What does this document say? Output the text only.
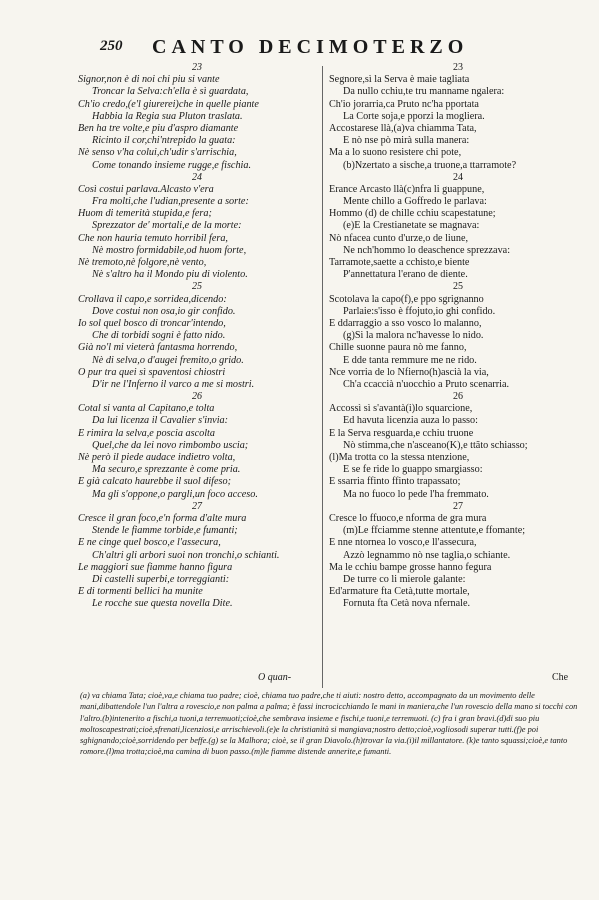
250 CANTO DECIMOTERZO
23
Signor,non è di noi chi piu si vante
Troncar la Selva:ch'ella è sì guardata,
Ch'io credo,(e'l giurerei)che in quelle piante
Habbia la Regia sua Pluton traslata.
Ben ha tre volte,e piu d'aspro diamante
Ricinto il cor,chi'ntrepido la guata:
Nè senso v'ha colui,ch'udir s'arrischia,
Come tonando insieme rugge,e fischia.
24
Così costui parlava.Alcasto v'era
Fra molti,che l'udian,presente a sorte:
Huom di temerità stupida,e fera;
Sprezzator de' mortali,e de la morte:
Che non hauria temuto horribil fera,
Nè mostro formidabile,od huom forte,
Nè tremoto,nè folgore,nè vento,
Nè s'altro ha il Mondo piu di violento.
25
Crollava il capo,e sorridea,dicendo:
Dove costui non osa,io gir confido.
Io sol quel bosco di troncar'intendo,
Che di torbidi sogni è fatto nido.
Già no'l mi vieterà fantasma horrendo,
Nè di selva,o d'augei fremito,o grido.
O pur tra quei sì spaventosi chiostri
D'ir ne l'Inferno il varco a me si mostri.
26
Cotal si vanta al Capitano,e tolta
Da lui licenza il Cavalier s'invia:
E rimira la selva,e poscia ascolta
Quel,che da lei novo rimbombo uscia;
Nè però il piede audace indietro volta,
Ma securo,e sprezzante è come pria.
E già calcato haurebbe il suol difeso;
Ma gli s'oppone,o pargli,un foco acceso.
27
Cresce il gran foco,e'n forma d'alte mura
Stende le fiamme torbide,e fumanti;
E ne cinge quel bosco,e l'assecura,
Ch'altri gli arbori suoi non tronchi,o schianti.
Le maggiori sue fiamme hanno figura
Di castelli superbi,e torreggianti:
E di tormenti bellici ha munite
Le rocche sue questa novella Dite.
23
Segnore,sì la Serva è maie tagliata
Da nullo cchiu,te tru manname ngalera:
Ch'io jorarria,ca Pruto nc'ha pportata
La Corte soja,e pporzi la mogliera.
Accostarese llà,(a)va chiamma Tata,
E nò nse pò mirà sulla manera:
Ma a lo suono resistere chi pote,
(b)Nzertato a sische,a truone,a ttarramote?
24
Erance Arcasto llà(c)nfra li guappune,
Mente chillo a Goffredo le parlava:
Hommo (d) de chille cchiu scapestatune;
(e)E la Crestianetate se magnava:
Nò nfacea cunto d'urze,o de liune,
Ne nch'hommo lo deaschence sprezzava:
Tarramote,saette a cchisto,e biente
P'annettatura l'erano de diente.
25
Scotolava la capo(f),e ppo sgrignanno
Parlaie:s'isso è ffojuto,io ghi confido.
E ddarraggio a sso vosco lo malanno,
(g)Si la malora nc'havesse lo nido.
Chille suonne paura nò me fanno,
E dde tanta remmure me ne rido.
Nce vorria de lo Nfierno(h)ascià la via,
Ch'a ccaccià n'uocchio a Pruto scenarria.
26
Accossì sì s'avantà(i)lo squarcione,
Ed havuta licenzia auza lo passo:
E la Serva resguarda,e cchiu truone
Nò stimma,che n'asceano(K),e ttãto schiasso;
(l)Ma trotta co la stessa ntenzione,
E se fe ride lo guappo smargiasso:
E ssarria ffinto ffinto trapassato;
Ma no fuoco lo pede l'ha fremmato.
27
Cresce lo ffuoco,e nforma de gra mura
(m)Le ffciamme stenne attentute,e ffomante;
E nne ntornea lo vosco,e ll'assecura,
Azzò legnammo nò nse taglia,o schiante.
Ma le cchiu bampe grosse hanno fegura
De turre co li mierole galante:
Ed'armature fta Cetà,tutte mortale,
Fornuta fta Cetà nova nfernale.
O quan-	Che

(a) va chiama Tata; cioè,va,e chiama tuo padre; cioè, chiama tuo padre,che ti aiuti: nostro detto, accompagnato da un movimento delle mani,dibattendole l'un l'altra a rovescio,e non palma a palma; è fassi incrocicchiando le mani in maniera,che l'un rovescio della mano si tocchi con l'altro.(b)intenerito a fischi,a tuoni,a terremuoti;cioè,che sembrava insieme e fischi,e tuoni,e terremuoti. (c) fra i gran bravi.(d)di suo piu moltoscapestrati;cioè,sfrenati,licenziosi,e arrischievoli.(e)e la christianità si mangiava;nostro detto;cioè,vogliosodi superar tutti.(f)e poi sghignando;cioè,sorridendo per beffe.(g) se la Malhora; cioè, se il gran Diavolo.(h)trovar la via.(i)il millantatore. (k)e tanto squassi;cioè,e tanto romore.(l)ma trotta;cioè,ma camina di buon passo.(m)le fiamme distende annerite,e fumanti.
